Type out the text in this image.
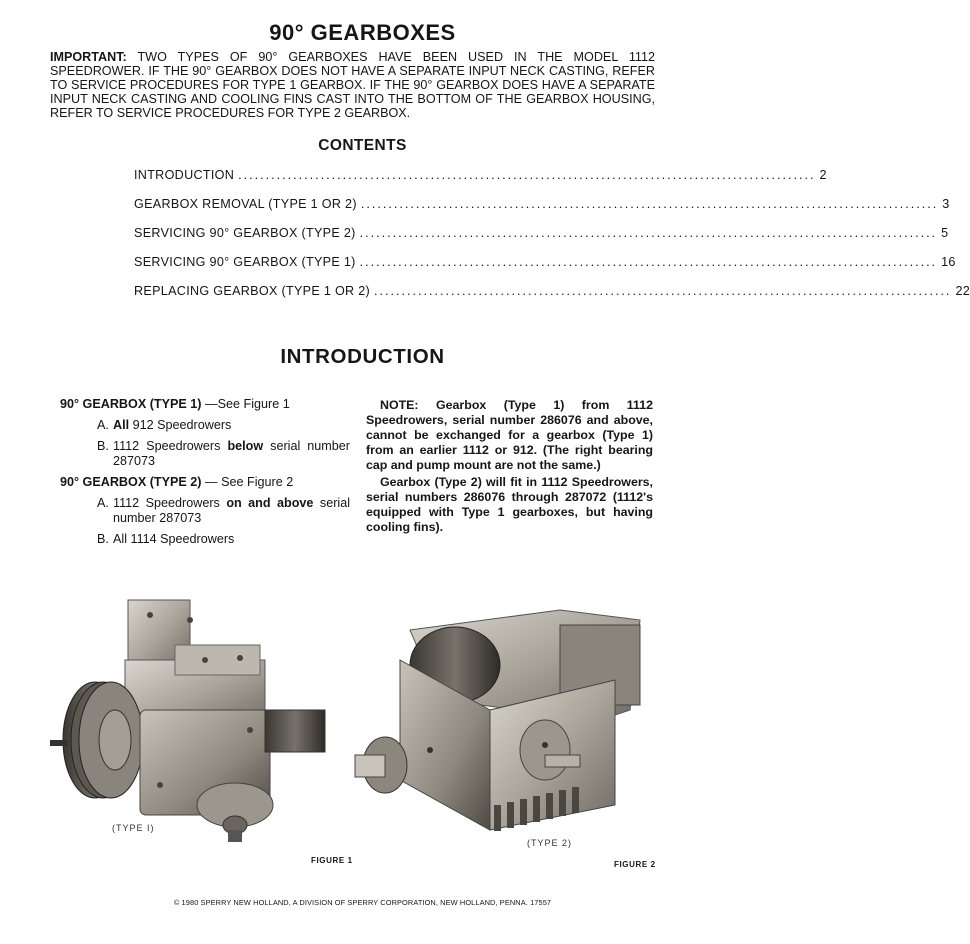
90° GEARBOXES
IMPORTANT: TWO TYPES OF 90° GEARBOXES HAVE BEEN USED IN THE MODEL 1112 SPEEDROWER. IF THE 90° GEARBOX DOES NOT HAVE A SEPARATE INPUT NECK CASTING, REFER TO SERVICE PROCEDURES FOR TYPE 1 GEARBOX. IF THE 90° GEARBOX DOES HAVE A SEPARATE INPUT NECK CASTING AND COOLING FINS CAST INTO THE BOTTOM OF THE GEARBOX HOUSING, REFER TO SERVICE PROCEDURES FOR TYPE 2 GEARBOX.
CONTENTS
INTRODUCTION ......................................................................................................... 2
GEARBOX REMOVAL (TYPE 1 OR 2) ......................................................................................................... 3
SERVICING 90° GEARBOX (TYPE 2) ......................................................................................................... 5
SERVICING 90° GEARBOX (TYPE 1) ......................................................................................................... 16
REPLACING GEARBOX (TYPE 1 OR 2) ......................................................................................................... 22
INTRODUCTION
90° GEARBOX (TYPE 1) —See Figure 1
A. All 912 Speedrowers
B. 1112 Speedrowers below serial number 287073
90° GEARBOX (TYPE 2) — See Figure 2
A. 1112 Speedrowers on and above serial number 287073
B. All 1114 Speedrowers

NOTE: Gearbox (Type 1) from 1112 Speedrowers, serial number 286076 and above, cannot be exchanged for a gearbox (Type 1) from an earlier 1112 or 912. (The right bearing cap and pump mount are not the same.)

Gearbox (Type 2) will fit in 1112 Speedrowers, serial numbers 286076 through 287072 (1112's equipped with Type 1 gearboxes, but having cooling fins).

(TYPE I)
(TYPE 2)
FIGURE 1	FIGURE 2
© 1980 SPERRY NEW HOLLAND, A DIVISION OF SPERRY CORPORATION, NEW HOLLAND, PENNA. 17557
